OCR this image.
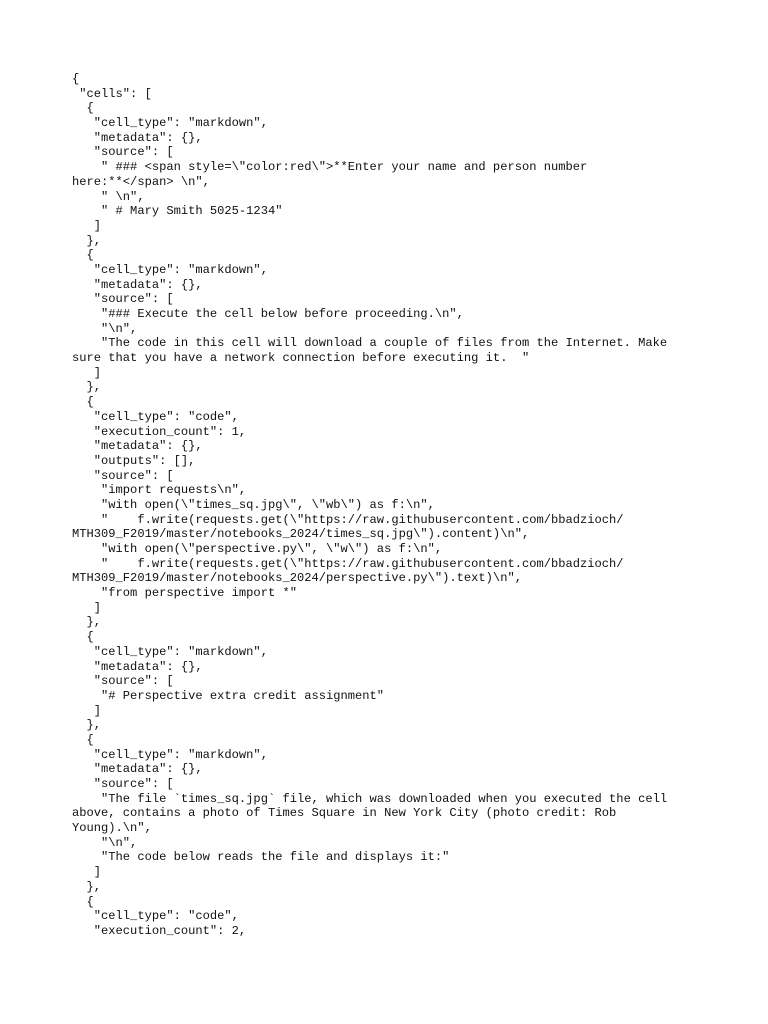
{
"cells": [
{
"cell_type": "markdown",
"metadata": {},
"source": [
" ### <span style=\"color:red\">**Enter your name and person number
here:**</span> \n",
" \n",
" # Mary Smith 5025-1234"
]
},
{
"cell_type": "markdown",
"metadata": {},
"source": [
"### Execute the cell below before proceeding.\n",
"\n",
"The code in this cell will download a couple of files from the Internet. Make
sure that you have a network connection before executing it.  "
]
},
{
"cell_type": "code",
"execution_count": 1,
"metadata": {},
"outputs": [],
"source": [
"import requests\n",
"with open(\"times_sq.jpg\", \"wb\") as f:\n",
"    f.write(requests.get(\"https://raw.githubusercontent.com/bbadzioch/
MTH309_F2019/master/notebooks_2024/times_sq.jpg\").content)\n",
"with open(\"perspective.py\", \"w\") as f:\n",
"    f.write(requests.get(\"https://raw.githubusercontent.com/bbadzioch/
MTH309_F2019/master/notebooks_2024/perspective.py\").text)\n",
"from perspective import *"
]
},
{
"cell_type": "markdown",
"metadata": {},
"source": [
"# Perspective extra credit assignment"
]
},
{
"cell_type": "markdown",
"metadata": {},
"source": [
"The file `times_sq.jpg` file, which was downloaded when you executed the cell
above, contains a photo of Times Square in New York City (photo credit: Rob
Young).\n",
"\n",
"The code below reads the file and displays it:"
]
},
{
"cell_type": "code",
"execution_count": 2,
